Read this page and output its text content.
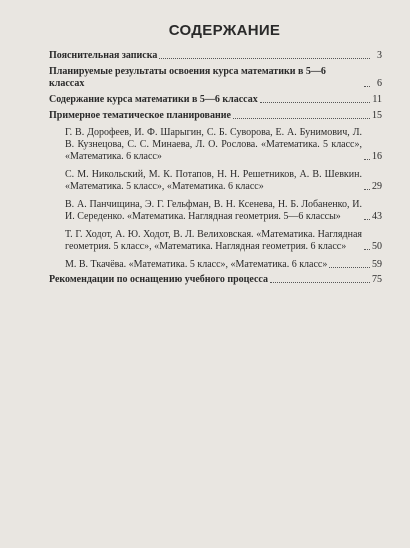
СОДЕРЖАНИЕ
Пояснительная записка	3
Планируемые результаты освоения курса математики в 5—6 классах	6
Содержание курса математики в 5—6 классах	11
Примерное тематическое планирование	15
Г. В. Дорофеев, И. Ф. Шарыгин, С. Б. Суворова, Е. А. Бунимович, Л. В. Кузнецова, С. С. Минаева, Л. О. Рослова. «Математика. 5 класс», «Математика. 6 класс»	16
С. М. Никольский, М. К. Потапов, Н. Н. Решетников, А. В. Шевкин. «Математика. 5 класс», «Математика. 6 класс»	29
В. А. Панчищина, Э. Г. Гельфман, В. Н. Ксенева, Н. Б. Лобаненко, И. И. Середенко. «Математика. Наглядная геометрия. 5—6 классы»	43
Т. Г. Ходот, А. Ю. Ходот, В. Л. Велиховская. «Математика. Наглядная геометрия. 5 класс», «Математика. Наглядная геометрия. 6 класс»	50
М. В. Ткачёва. «Математика. 5 класс», «Математика. 6 класс»	59
Рекомендации по оснащению учебного процесса	75
